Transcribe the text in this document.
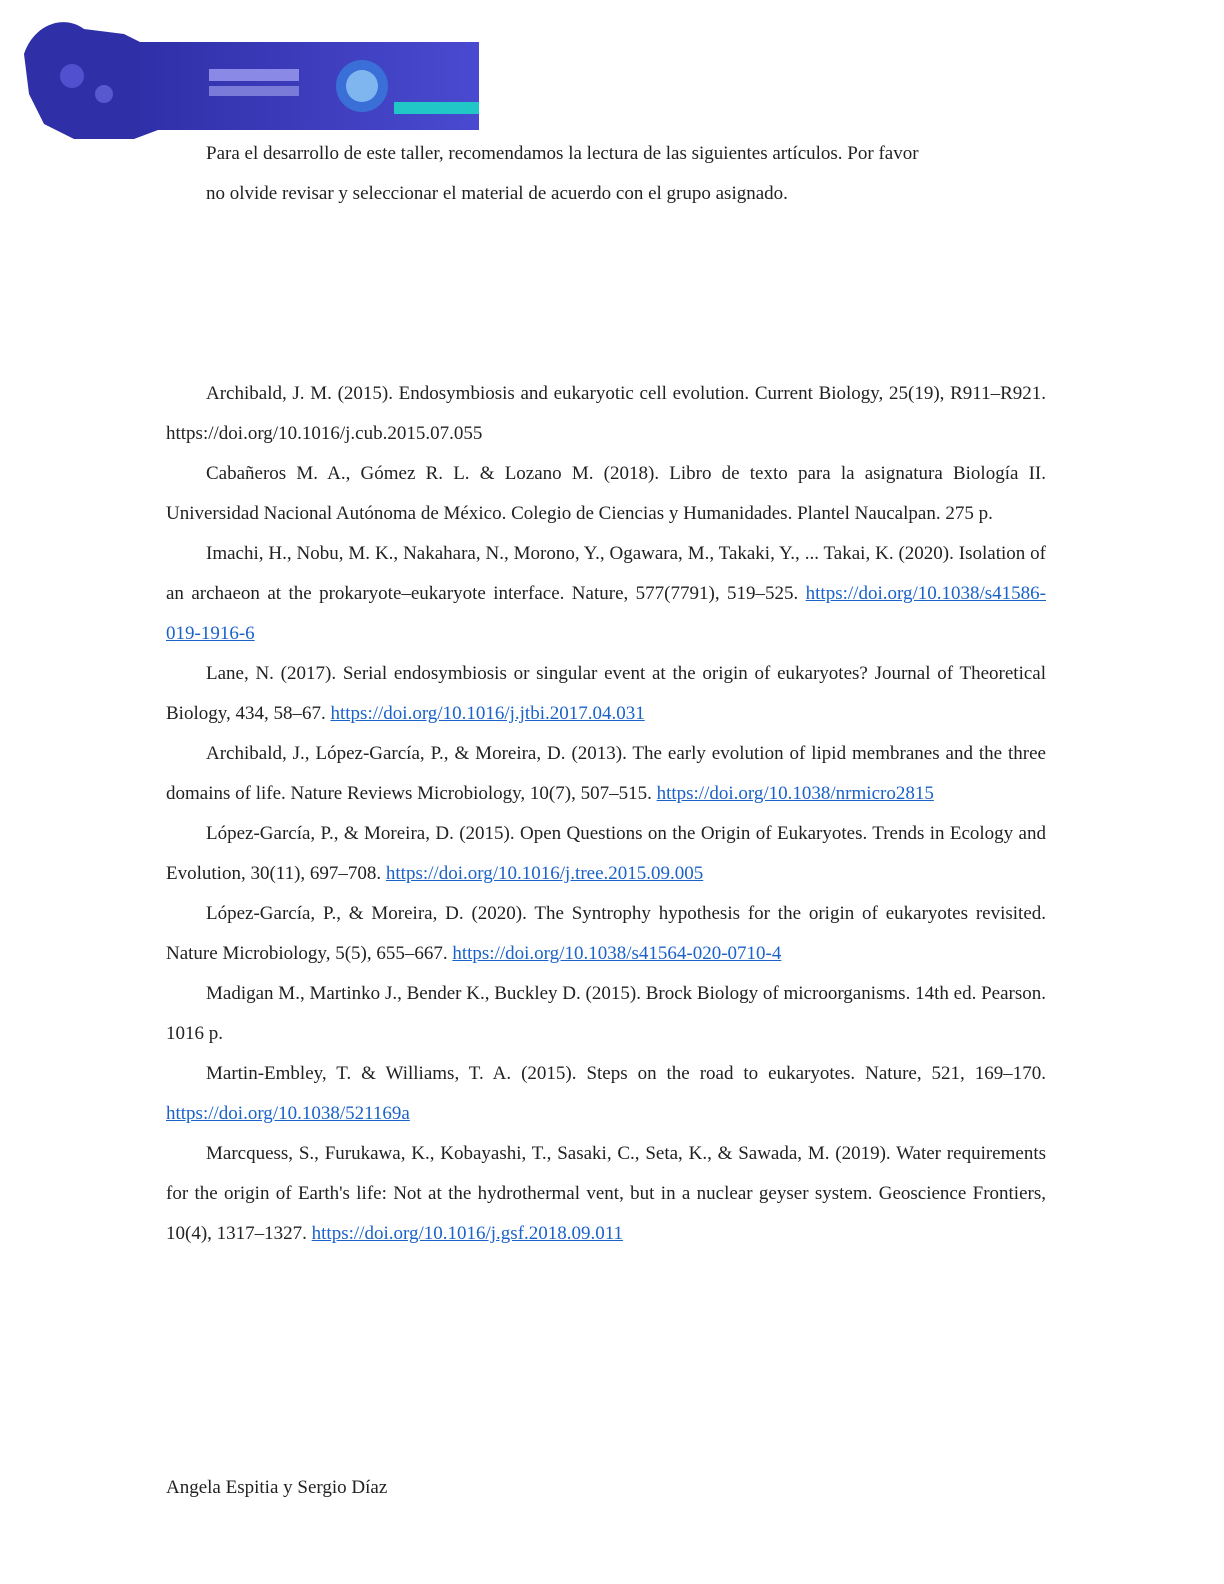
Para el desarrollo de este taller, recomendamos la lectura de las siguientes artículos. Por favor

no olvide revisar y seleccionar el material de acuerdo con el grupo asignado.

Archibald, J. M. (2015). Endosymbiosis and eukaryotic cell evolution. Current Biology, 25(19), R911–R921. https://doi.org/10.1016/j.cub.2015.07.055

Cabañeros M. A., Gómez R. L. & Lozano M. (2018). Libro de texto para la asignatura Biología II. Universidad Nacional Autónoma de México. Colegio de Ciencias y Humanidades. Plantel Naucalpan. 275 p.

Imachi, H., Nobu, M. K., Nakahara, N., Morono, Y., Ogawara, M., Takaki, Y., ... Takai, K. (2020). Isolation of an archaeon at the prokaryote–eukaryote interface. Nature, 577(7791), 519–525. https://doi.org/10.1038/s41586-019-1916-6

Lane, N. (2017). Serial endosymbiosis or singular event at the origin of eukaryotes? Journal of Theoretical Biology, 434, 58–67. https://doi.org/10.1016/j.jtbi.2017.04.031

Archibald, J., López-García, P., & Moreira, D. (2013). The early evolution of lipid membranes and the three domains of life. Nature Reviews Microbiology, 10(7), 507–515. https://doi.org/10.1038/nrmicro2815

López-García, P., & Moreira, D. (2015). Open Questions on the Origin of Eukaryotes. Trends in Ecology and Evolution, 30(11), 697–708. https://doi.org/10.1016/j.tree.2015.09.005

López-García, P., & Moreira, D. (2020). The Syntrophy hypothesis for the origin of eukaryotes revisited. Nature Microbiology, 5(5), 655–667. https://doi.org/10.1038/s41564-020-0710-4

Madigan M., Martinko J., Bender K., Buckley D. (2015). Brock Biology of microorganisms. 14th ed. Pearson. 1016 p.

Martin-Embley, T. & Williams, T. A. (2015). Steps on the road to eukaryotes. Nature, 521, 169–170. https://doi.org/10.1038/521169a

Marcquess, S., Furukawa, K., Kobayashi, T., Sasaki, C., Seta, K., & Sawada, M. (2019). Water requirements for the origin of Earth's life: Not at the hydrothermal vent, but in a nuclear geyser system. Geoscience Frontiers, 10(4), 1317–1327. https://doi.org/10.1016/j.gsf.2018.09.011

Angela Espitia y Sergio Díaz
